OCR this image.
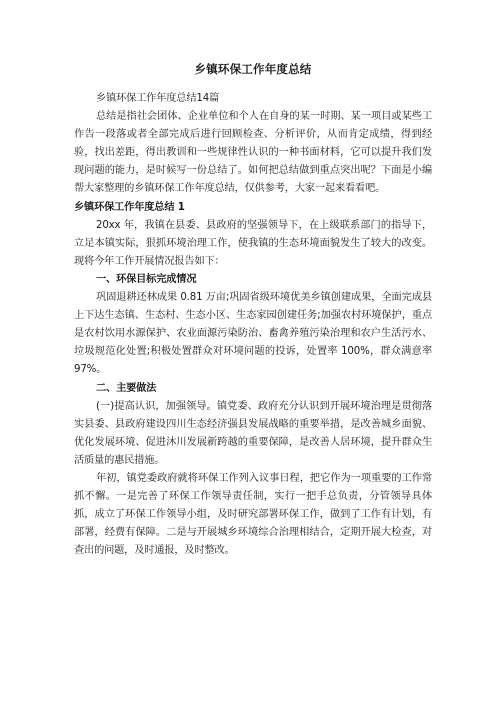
乡镇环保工作年度总结

乡镇环保工作年度总结14篇

总结是指社会团体、企业单位和个人在自身的某一时期、某一项目或某些工作告一段落或者全部完成后进行回顾检查、分析评价，从而肯定成绩，得到经验，找出差距，得出教训和一些规律性认识的一种书面材料，它可以提升我们发现问题的能力，是时候写一份总结了。如何把总结做到重点突出呢？下面是小编帮大家整理的乡镇环保工作年度总结，仅供参考，大家一起来看看吧。

乡镇环保工作年度总结 1

20xx 年，我镇在县委、县政府的坚强领导下，在上级联系部门的指导下，立足本镇实际，狠抓环境治理工作，使我镇的生态环境面貌发生了较大的改变。现将今年工作开展情况报告如下：

一、环保目标完成情况

巩固退耕还林成果 0.81 万亩;巩固省级环境优美乡镇创建成果，全面完成县上下达生态镇、生态村、生态小区、生态家园创建任务;加强农村环境保护，重点是农村饮用水源保护、农业面源污染防治、畜禽养殖污染治理和农户生活污水、垃圾规范化处置;积极处置群众对环境问题的投诉，处置率 100%，群众满意率 97%。

二、主要做法

(一)提高认识，加强领导。镇党委、政府充分认识到开展环境治理是贯彻落实县委、县政府建设四川生态经济强县发展战略的重要举措，是改善城乡面貌、优化发展环境、促进沐川发展新跨越的重要保障，是改善人居环境，提升群众生活质量的惠民措施。

年初，镇党委政府就将环保工作列入议事日程，把它作为一项重要的工作常抓不懈。一是完善了环保工作领导责任制，实行一把手总负责，分管领导具体抓，成立了环保工作领导小组，及时研究部署环保工作，做到了工作有计划，有部署，经费有保障。二是与开展城乡环境综合治理相结合，定期开展大检查，对查出的问题，及时通报，及时整改。
